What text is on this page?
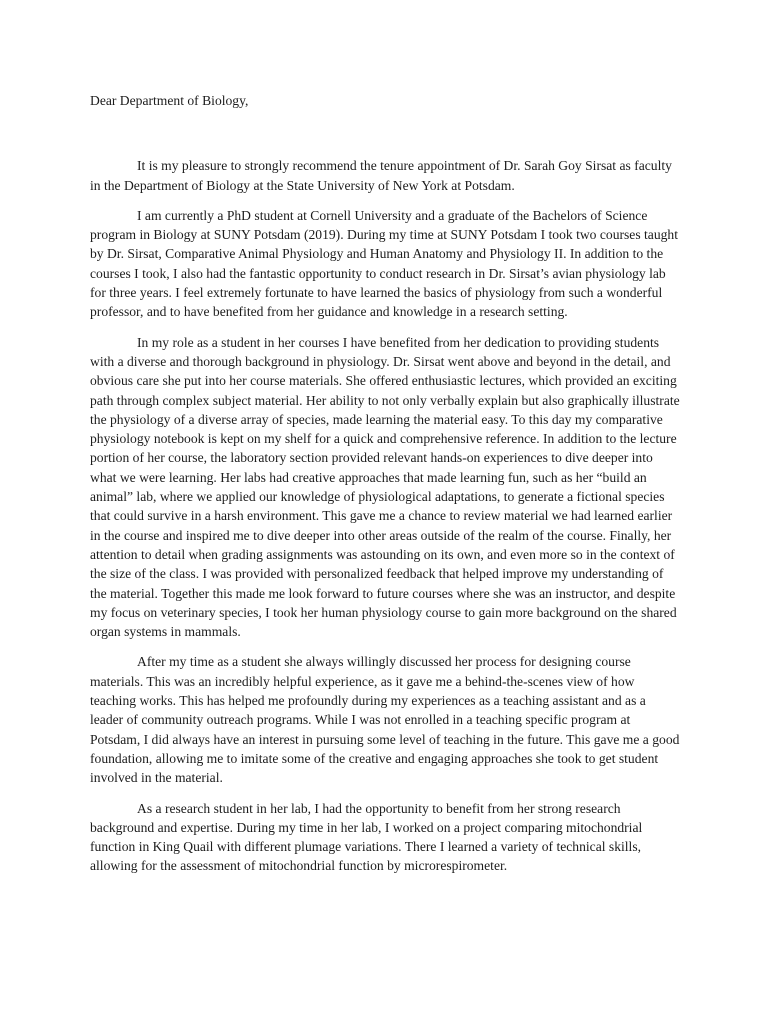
Dear Department of Biology,

It is my pleasure to strongly recommend the tenure appointment of Dr. Sarah Goy Sirsat as faculty in the Department of Biology at the State University of New York at Potsdam.

I am currently a PhD student at Cornell University and a graduate of the Bachelors of Science program in Biology at SUNY Potsdam (2019). During my time at SUNY Potsdam I took two courses taught by Dr. Sirsat, Comparative Animal Physiology and Human Anatomy and Physiology II. In addition to the courses I took, I also had the fantastic opportunity to conduct research in Dr. Sirsat’s avian physiology lab for three years. I feel extremely fortunate to have learned the basics of physiology from such a wonderful professor, and to have benefited from her guidance and knowledge in a research setting.

In my role as a student in her courses I have benefited from her dedication to providing students with a diverse and thorough background in physiology. Dr. Sirsat went above and beyond in the detail, and obvious care she put into her course materials. She offered enthusiastic lectures, which provided an exciting path through complex subject material. Her ability to not only verbally explain but also graphically illustrate the physiology of a diverse array of species, made learning the material easy. To this day my comparative physiology notebook is kept on my shelf for a quick and comprehensive reference. In addition to the lecture portion of her course, the laboratory section provided relevant hands-on experiences to dive deeper into what we were learning. Her labs had creative approaches that made learning fun, such as her “build an animal” lab, where we applied our knowledge of physiological adaptations, to generate a fictional species that could survive in a harsh environment. This gave me a chance to review material we had learned earlier in the course and inspired me to dive deeper into other areas outside of the realm of the course. Finally, her attention to detail when grading assignments was astounding on its own, and even more so in the context of the size of the class. I was provided with personalized feedback that helped improve my understanding of the material. Together this made me look forward to future courses where she was an instructor, and despite my focus on veterinary species, I took her human physiology course to gain more background on the shared organ systems in mammals.

After my time as a student she always willingly discussed her process for designing course materials. This was an incredibly helpful experience, as it gave me a behind-the-scenes view of how teaching works. This has helped me profoundly during my experiences as a teaching assistant and as a leader of community outreach programs. While I was not enrolled in a teaching specific program at Potsdam, I did always have an interest in pursuing some level of teaching in the future. This gave me a good foundation, allowing me to imitate some of the creative and engaging approaches she took to get student involved in the material.

As a research student in her lab, I had the opportunity to benefit from her strong research background and expertise. During my time in her lab, I worked on a project comparing mitochondrial function in King Quail with different plumage variations. There I learned a variety of technical skills, allowing for the assessment of mitochondrial function by microrespirometer.
